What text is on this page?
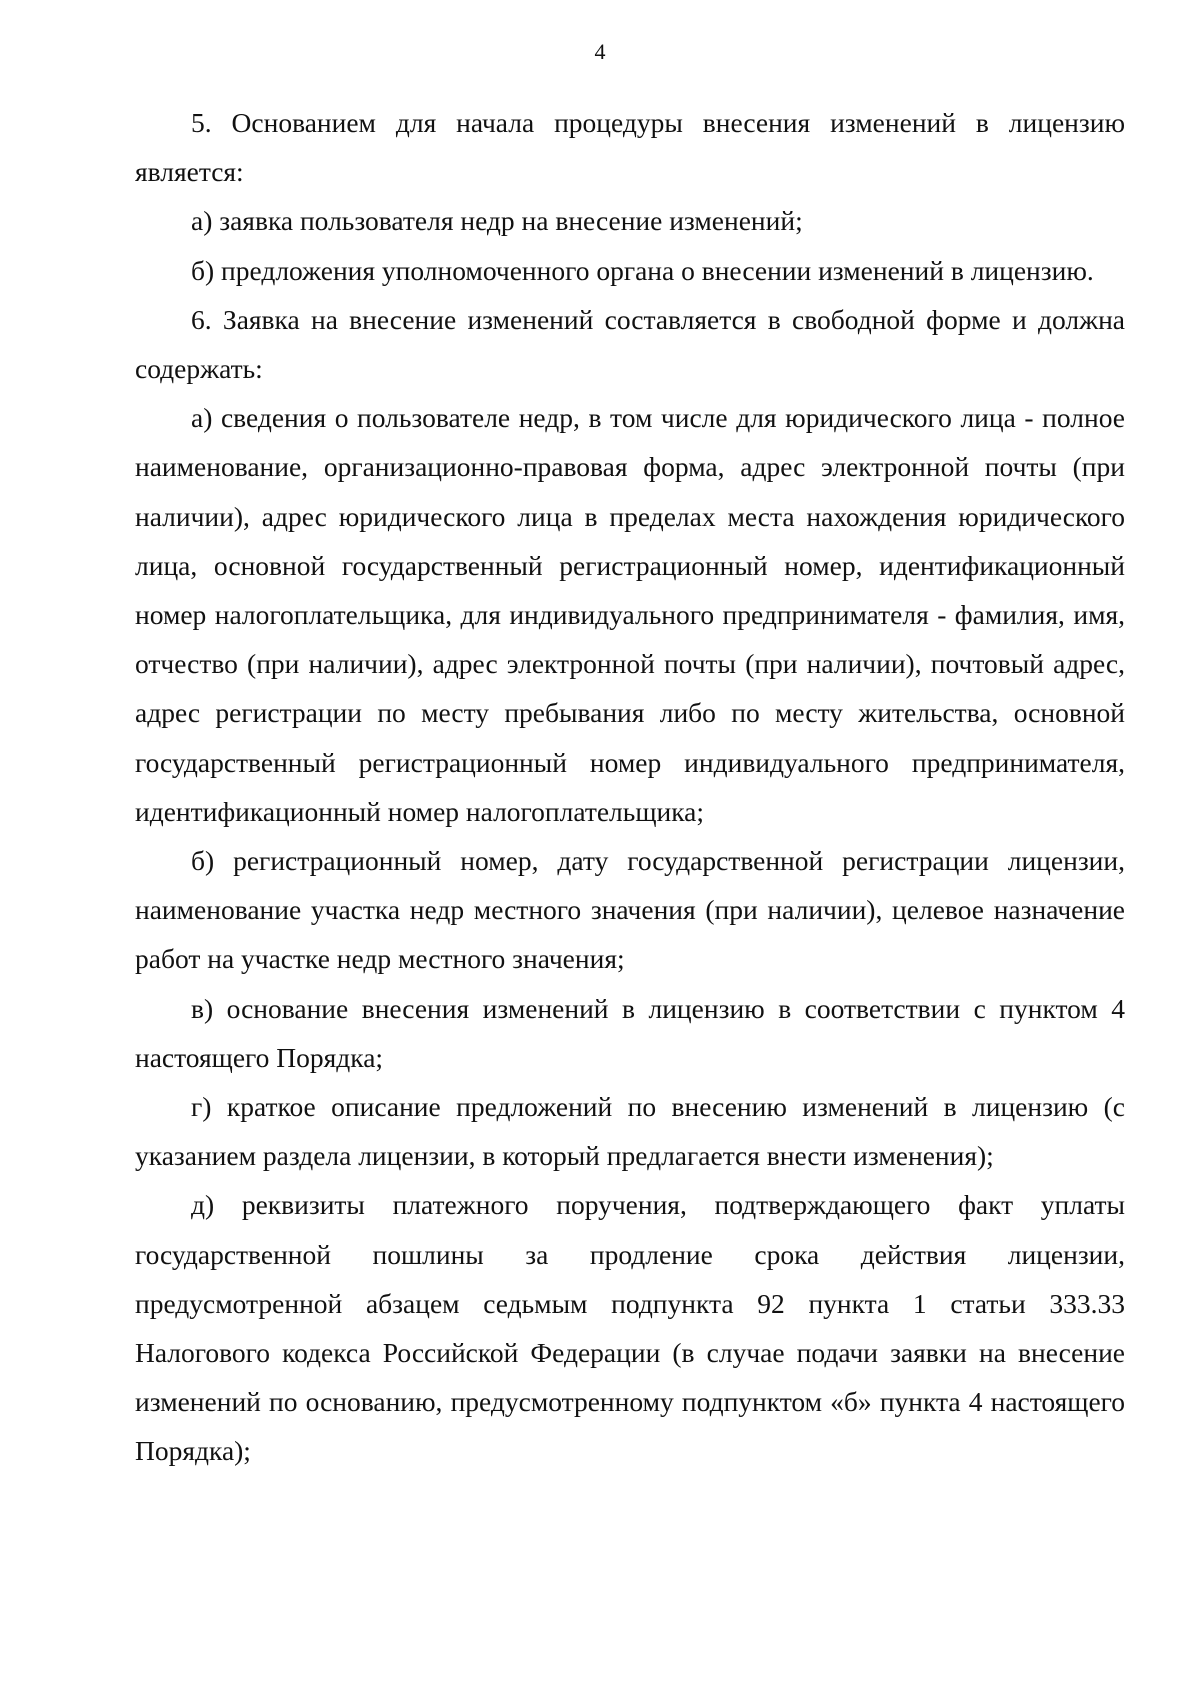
4

5. Основанием для начала процедуры внесения изменений в лицензию является:

а) заявка пользователя недр на внесение изменений;

б) предложения уполномоченного органа о внесении изменений в лицензию.

6. Заявка на внесение изменений составляется в свободной форме и должна содержать:

а) сведения о пользователе недр, в том числе для юридического лица - полное наименование, организационно-правовая форма, адрес электронной почты (при наличии), адрес юридического лица в пределах места нахождения юридического лица, основной государственный регистрационный номер, идентификационный номер налогоплательщика, для индивидуального предпринимателя - фамилия, имя, отчество (при наличии), адрес электронной почты (при наличии), почтовый адрес, адрес регистрации по месту пребывания либо по месту жительства, основной государственный регистрационный номер индивидуального предпринимателя, идентификационный номер налогоплательщика;

б) регистрационный номер, дату государственной регистрации лицензии, наименование участка недр местного значения (при наличии), целевое назначение работ на участке недр местного значения;

в) основание внесения изменений в лицензию в соответствии с пунктом 4 настоящего Порядка;

г) краткое описание предложений по внесению изменений в лицензию (с указанием раздела лицензии, в который предлагается внести изменения);

д) реквизиты платежного поручения, подтверждающего факт уплаты государственной пошлины за продление срока действия лицензии, предусмотренной абзацем седьмым подпункта 92 пункта 1 статьи 333.33 Налогового кодекса Российской Федерации (в случае подачи заявки на внесение изменений по основанию, предусмотренному подпунктом «б» пункта 4 настоящего Порядка);
